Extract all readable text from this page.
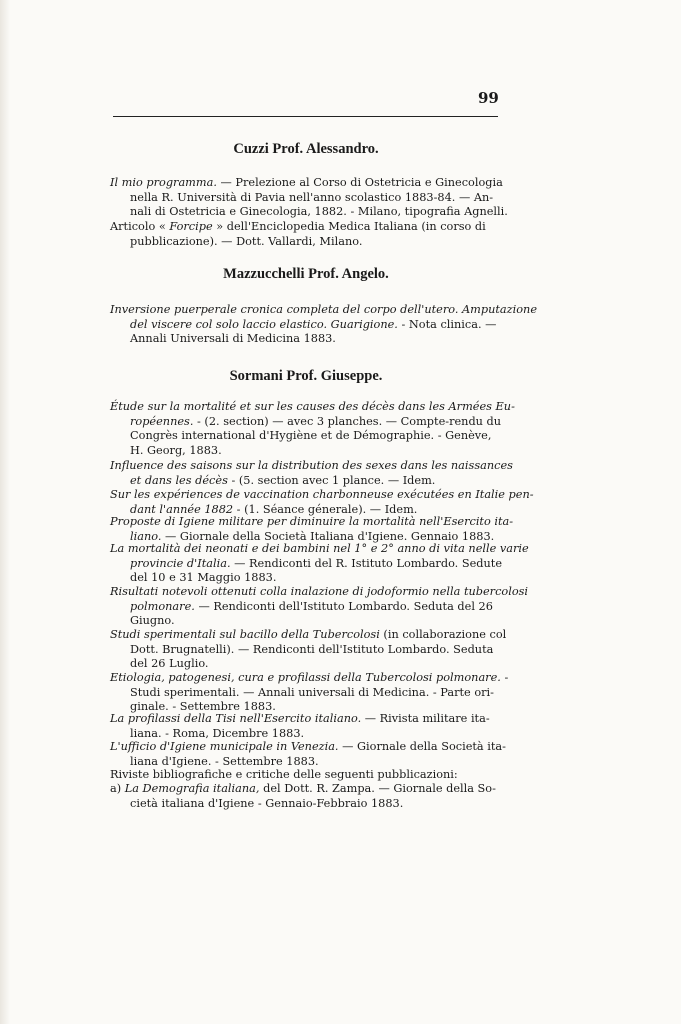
99
Cuzzi Prof. Alessandro.
Il mio programma. — Prelezione al Corso di Ostetricia e Ginecologia
nella R. Università di Pavia nell'anno scolastico 1883-84. — An-
nali di Ostetricia e Ginecologia, 1882. - Milano, tipografia Agnelli.
Articolo « Forcipe » dell'Enciclopedia Medica Italiana (in corso di
pubblicazione). — Dott. Vallardi, Milano.
Mazzucchelli Prof. Angelo.
Inversione puerperale cronica completa del corpo dell'utero. Amputazione
del viscere col solo laccio elastico. Guarigione. - Nota clinica. —
Annali Universali di Medicina 1883.
Sormani Prof. Giuseppe.
Étude sur la mortalité et sur les causes des décès dans les Armées Eu-
ropéennes. - (2. section) — avec 3 planches. — Compte-rendu du
Congrès international d'Hygiène et de Démographie. - Genève,
H. Georg, 1883.
Influence des saisons sur la distribution des sexes dans les naissances
et dans les décès - (5. section avec 1 plance. — Idem.
Sur les expériences de vaccination charbonneuse exécutées en Italie pen-
dant l'année 1882 - (1. Séance génerale). — Idem.
Proposte di Igiene militare per diminuire la mortalità nell'Esercito ita-
liano. — Giornale della Società Italiana d'Igiene. Gennaio 1883.
La mortalità dei neonati e dei bambini nel 1° e 2° anno di vita nelle varie
provincie d'Italia. — Rendiconti del R. Istituto Lombardo. Sedute
del 10 e 31 Maggio 1883.
Risultati notevoli ottenuti colla inalazione di jodoformio nella tubercolosi
polmonare. — Rendiconti dell'Istituto Lombardo. Seduta del 26
Giugno.
Studi sperimentali sul bacillo della Tubercolosi (in collaborazione col
Dott. Brugnatelli). — Rendiconti dell'Istituto Lombardo. Seduta
del 26 Luglio.
Etiologia, patogenesi, cura e profilassi della Tubercolosi polmonare. -
Studi sperimentali. — Annali universali di Medicina. - Parte ori-
ginale. - Settembre 1883.
La profilassi della Tisi nell'Esercito italiano. — Rivista militare ita-
liana. - Roma, Dicembre 1883.
L'ufficio d'Igiene municipale in Venezia. — Giornale della Società ita-
liana d'Igiene. - Settembre 1883.
Riviste bibliografiche e critiche delle seguenti pubblicazioni:
a) La Demografia italiana, del Dott. R. Zampa. — Giornale della So-
cietà italiana d'Igiene - Gennaio-Febbraio 1883.
